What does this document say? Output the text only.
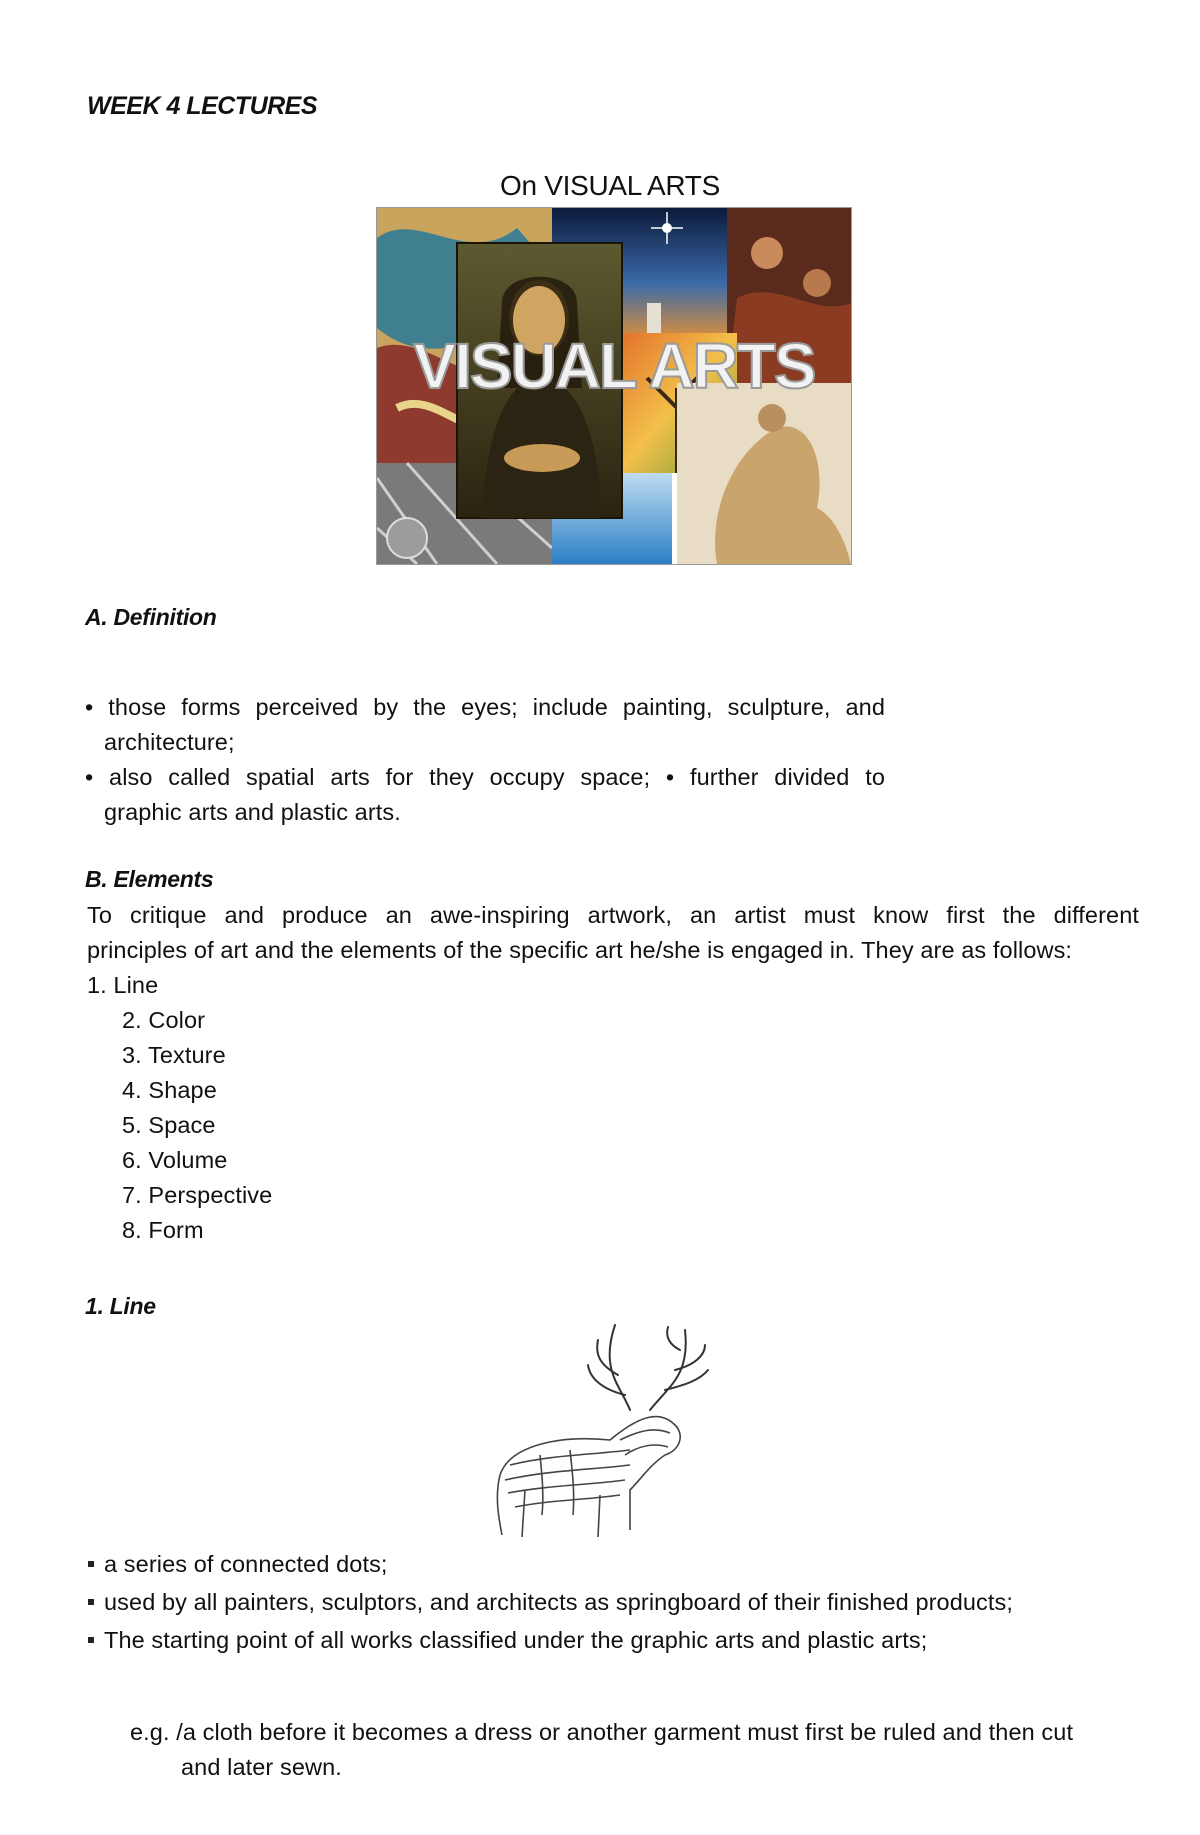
WEEK 4 LECTURES
On VISUAL ARTS
VISUAL ARTS
A. Definition
• those forms perceived by the eyes; include painting, sculpture, and
architecture;
• also called spatial arts for they occupy space; • further divided to
graphic arts and plastic arts.
B. Elements
To critique and produce an awe-inspiring artwork, an artist must know first the different
principles of art and the elements of the specific art he/she is engaged in. They are as follows:
1. Line
2. Color
3. Texture
4. Shape
5. Space
6. Volume
7. Perspective
8. Form
1. Line
a series of connected dots;
used by all painters, sculptors, and architects as springboard of their finished products;
The starting point of all works classified under the graphic arts and plastic arts;
e.g. /a cloth before it becomes a dress or another garment must first be ruled and then cut
and later sewn.
